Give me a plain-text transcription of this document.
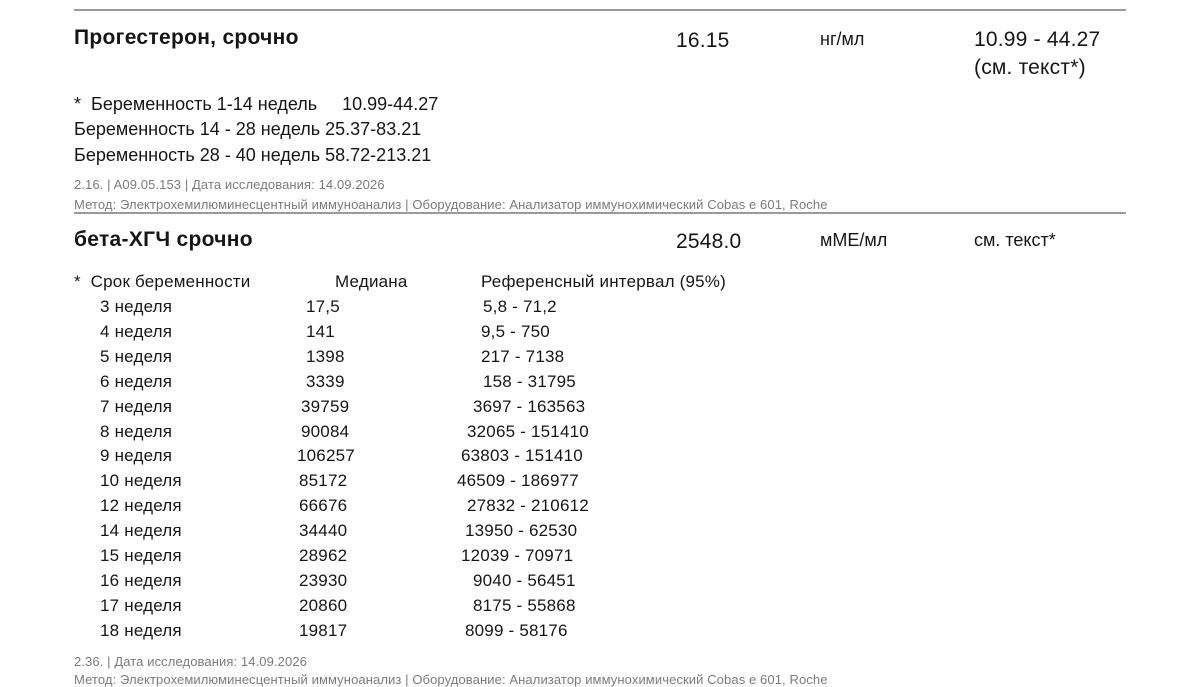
Прогестерон, срочно	16.15	нг/мл	10.99 - 44.27
(см. текст*)
*  Беременность 1-14 недель     10.99-44.27
Беременность 14 - 28 недель 25.37-83.21
Беременность 28 - 40 недель 58.72-213.21
2.16. | A09.05.153 | Дата исследования: 14.09.2026
Метод: Электрохемилюминесцентный иммуноанализ | Оборудование: Анализатор иммунохимический Cobas e 601, Roche
бета-ХГЧ срочно	2548.0	мМЕ/мл	см. текст*
*  Срок беременности	Медиана	Референсный интервал (95%)
3 неделя	17,5	5,8 - 71,2
4 неделя	141	9,5 - 750
5 неделя	1398	217 - 7138
6 неделя	3339	158 - 31795
7 неделя	39759	3697 - 163563
8 неделя	90084	32065 - 151410
9 неделя	106257	63803 - 151410
10 неделя	85172	46509 - 186977
12 неделя	66676	27832 - 210612
14 неделя	34440	13950 - 62530
15 неделя	28962	12039 - 70971
16 неделя	23930	9040 - 56451
17 неделя	20860	8175 - 55868
18 неделя	19817	8099 - 58176
2.36. | Дата исследования: 14.09.2026
Метод: Электрохемилюминесцентный иммуноанализ | Оборудование: Анализатор иммунохимический Cobas e 601, Roche
